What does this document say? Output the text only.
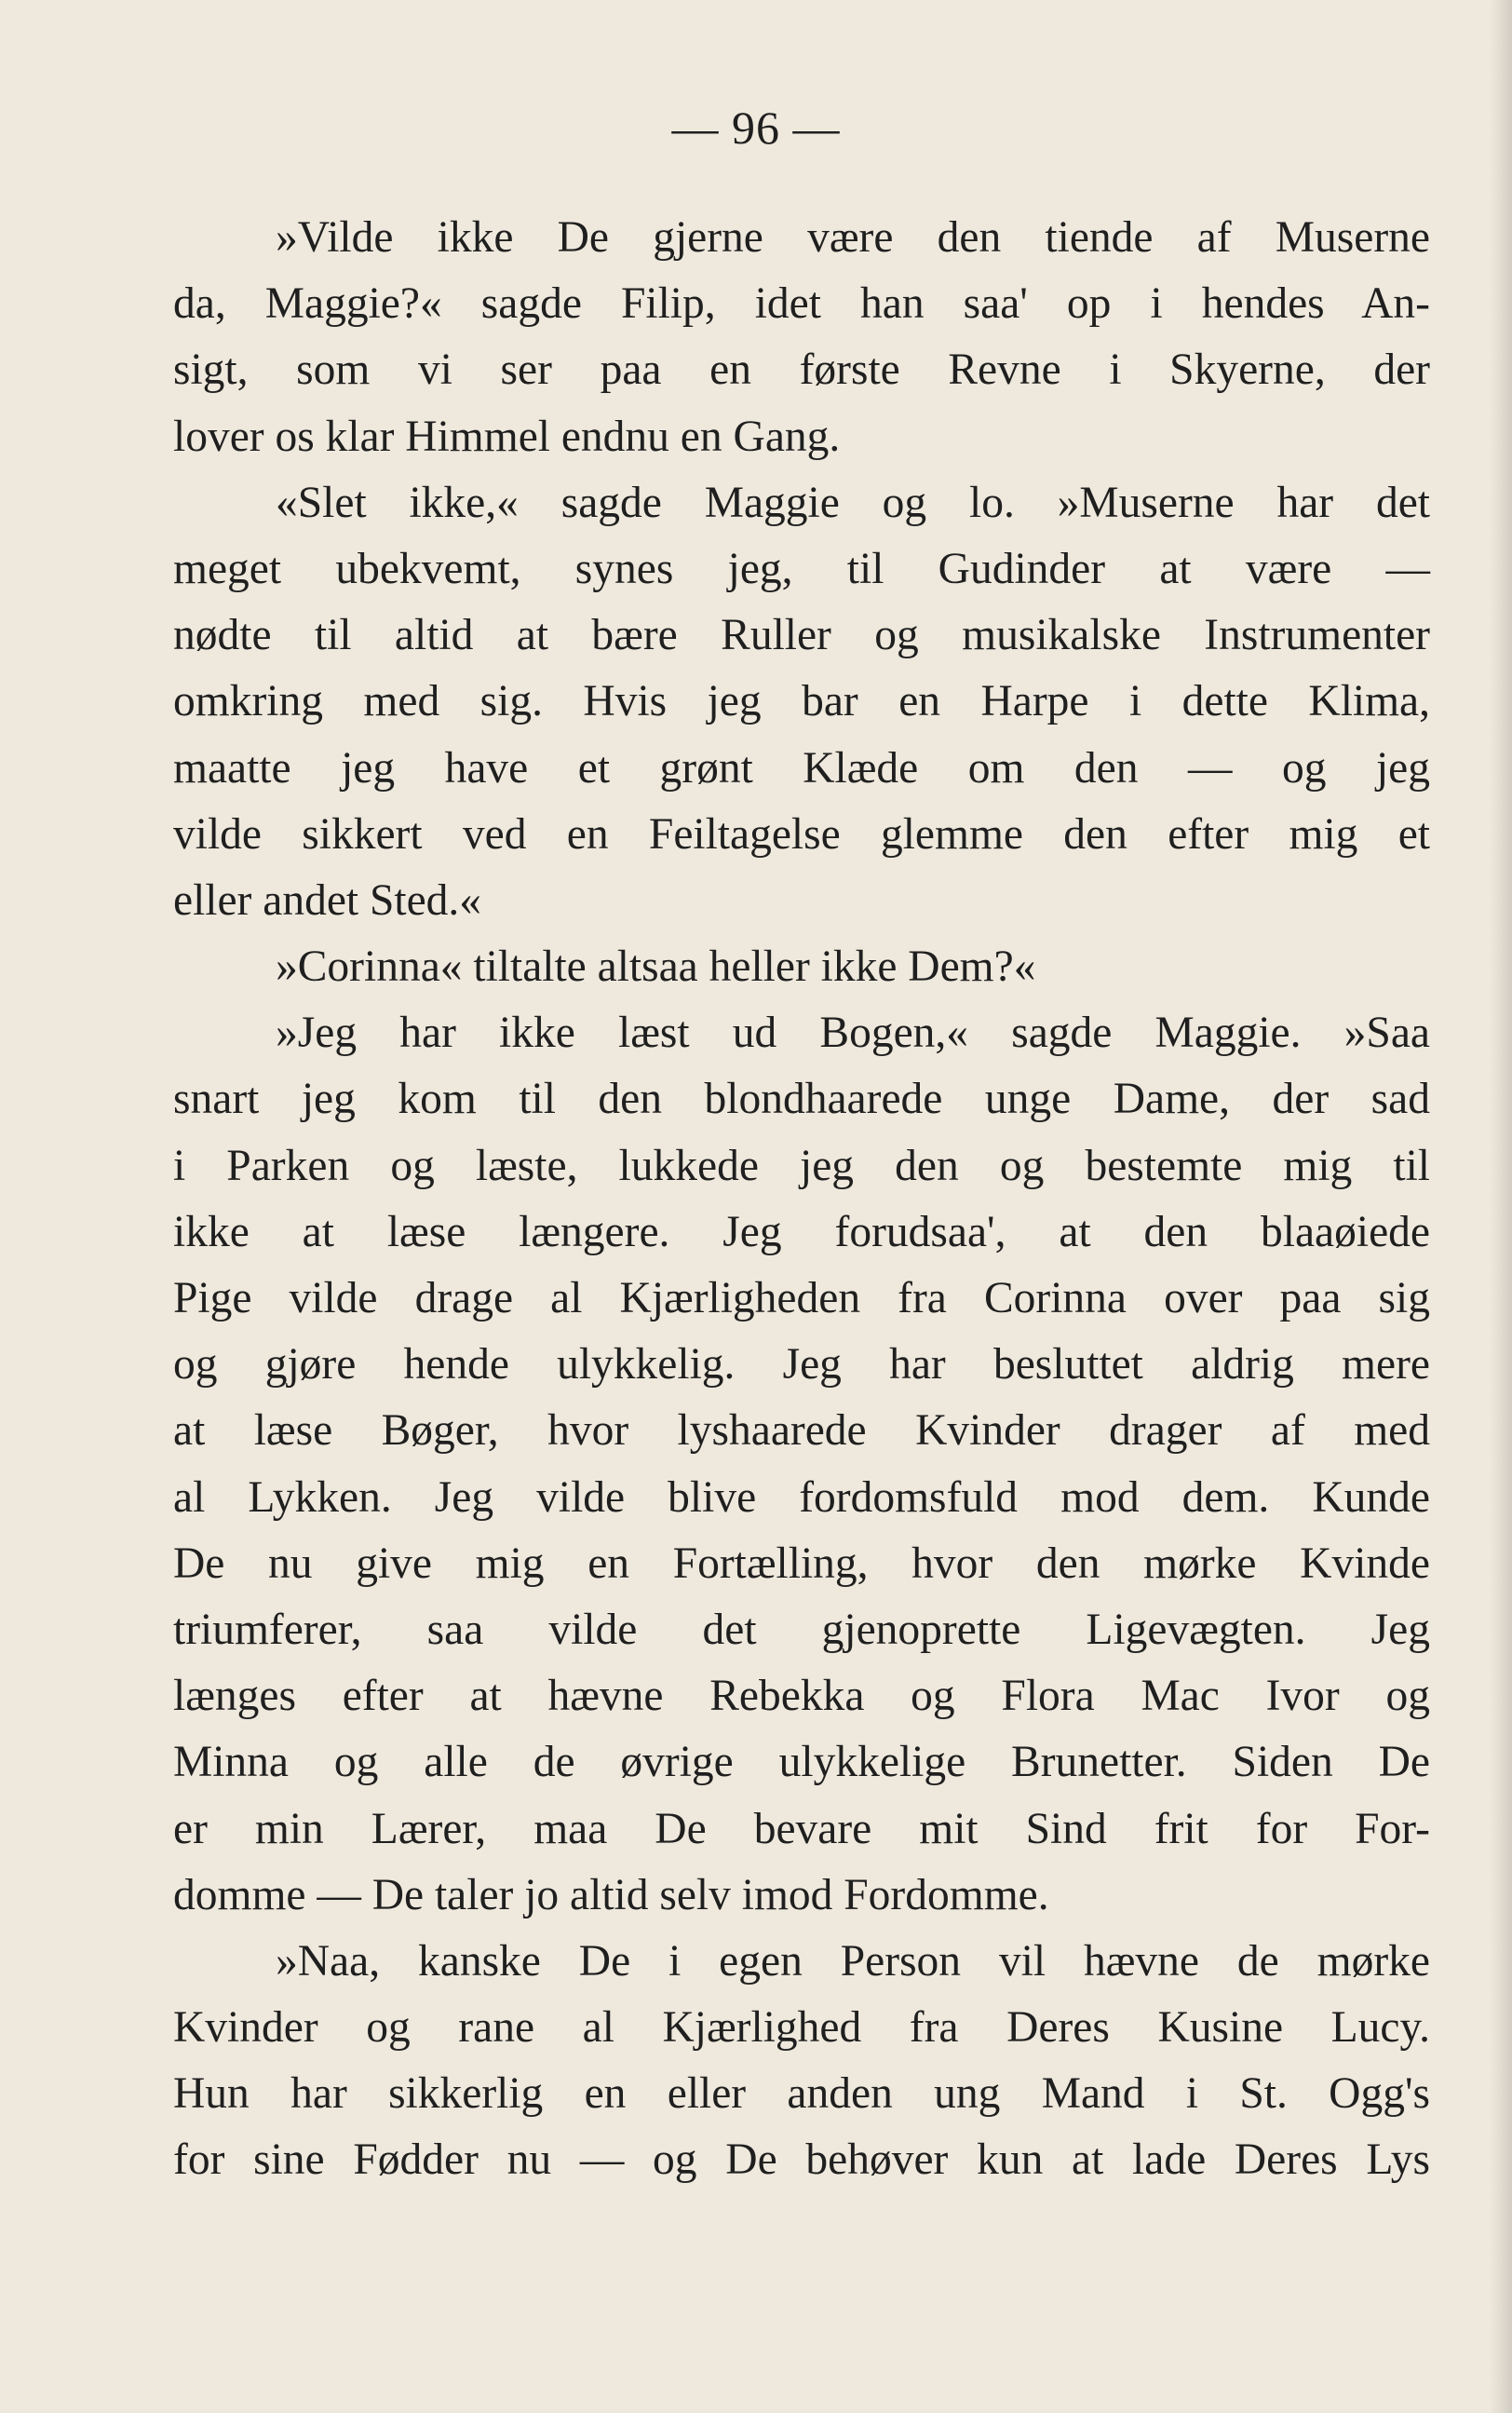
— 96 —
»Vilde ikke De gjerne være den tiende af Muserne
da, Maggie?« sagde Filip, idet han saa' op i hendes An-
sigt, som vi ser paa en første Revne i Skyerne, der
lover os klar Himmel endnu en Gang.
«Slet ikke,« sagde Maggie og lo. »Muserne har det
meget ubekvemt, synes jeg, til Gudinder at være —
nødte til altid at bære Ruller og musikalske Instrumenter
omkring med sig. Hvis jeg bar en Harpe i dette Klima,
maatte jeg have et grønt Klæde om den — og jeg
vilde sikkert ved en Feiltagelse glemme den efter mig et
eller andet Sted.«
»Corinna« tiltalte altsaa heller ikke Dem?«
»Jeg har ikke læst ud Bogen,« sagde Maggie. »Saa
snart jeg kom til den blondhaarede unge Dame, der sad
i Parken og læste, lukkede jeg den og bestemte mig til
ikke at læse længere. Jeg forudsaa', at den blaaøiede
Pige vilde drage al Kjærligheden fra Corinna over paa sig
og gjøre hende ulykkelig. Jeg har besluttet aldrig mere
at læse Bøger, hvor lyshaarede Kvinder drager af med
al Lykken. Jeg vilde blive fordomsfuld mod dem. Kunde
De nu give mig en Fortælling, hvor den mørke Kvinde
triumferer, saa vilde det gjenoprette Ligevægten. Jeg
længes efter at hævne Rebekka og Flora Mac Ivor og
Minna og alle de øvrige ulykkelige Brunetter. Siden De
er min Lærer, maa De bevare mit Sind frit for For-
domme — De taler jo altid selv imod Fordomme.
»Naa, kanske De i egen Person vil hævne de mørke
Kvinder og rane al Kjærlighed fra Deres Kusine Lucy.
Hun har sikkerlig en eller anden ung Mand i St. Ogg's
for sine Fødder nu — og De behøver kun at lade Deres Lys
